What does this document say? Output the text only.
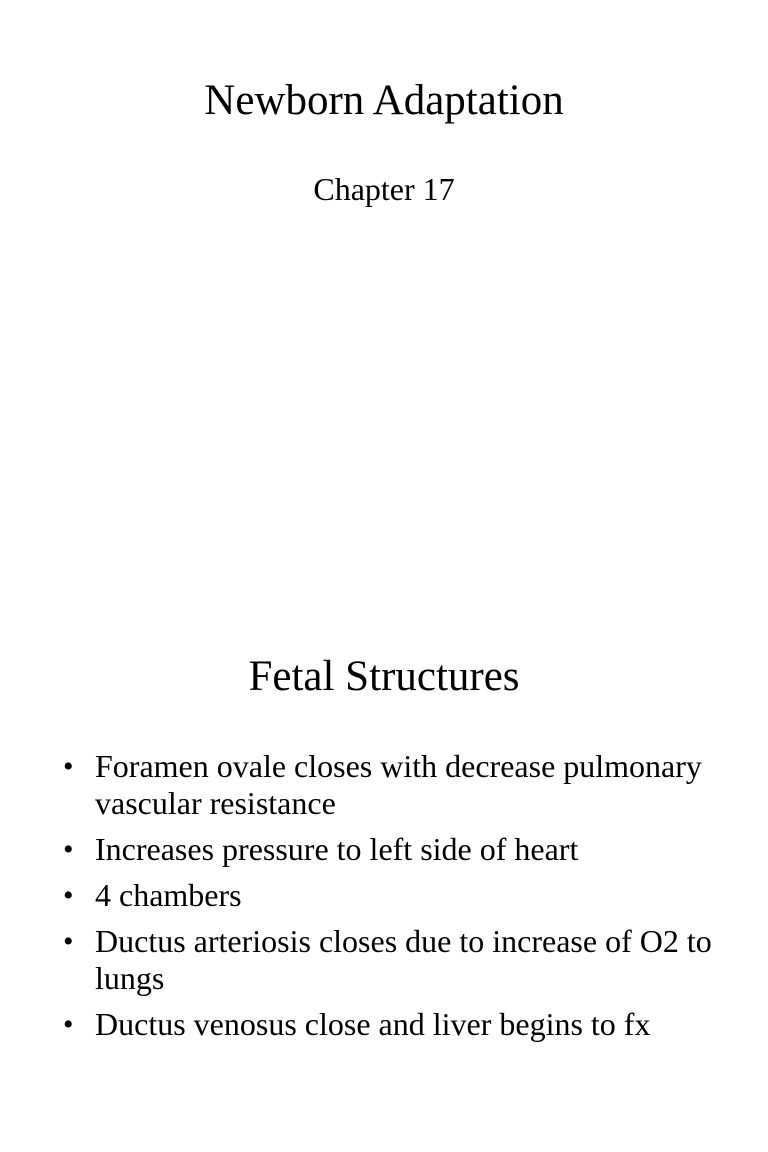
Newborn Adaptation
Chapter 17
Fetal Structures
• Foramen ovale closes with decrease pulmonary vascular resistance
• Increases pressure to left side of heart
• 4 chambers
• Ductus arteriosis closes due to increase of O2 to lungs
• Ductus venosus close and liver begins to fx
